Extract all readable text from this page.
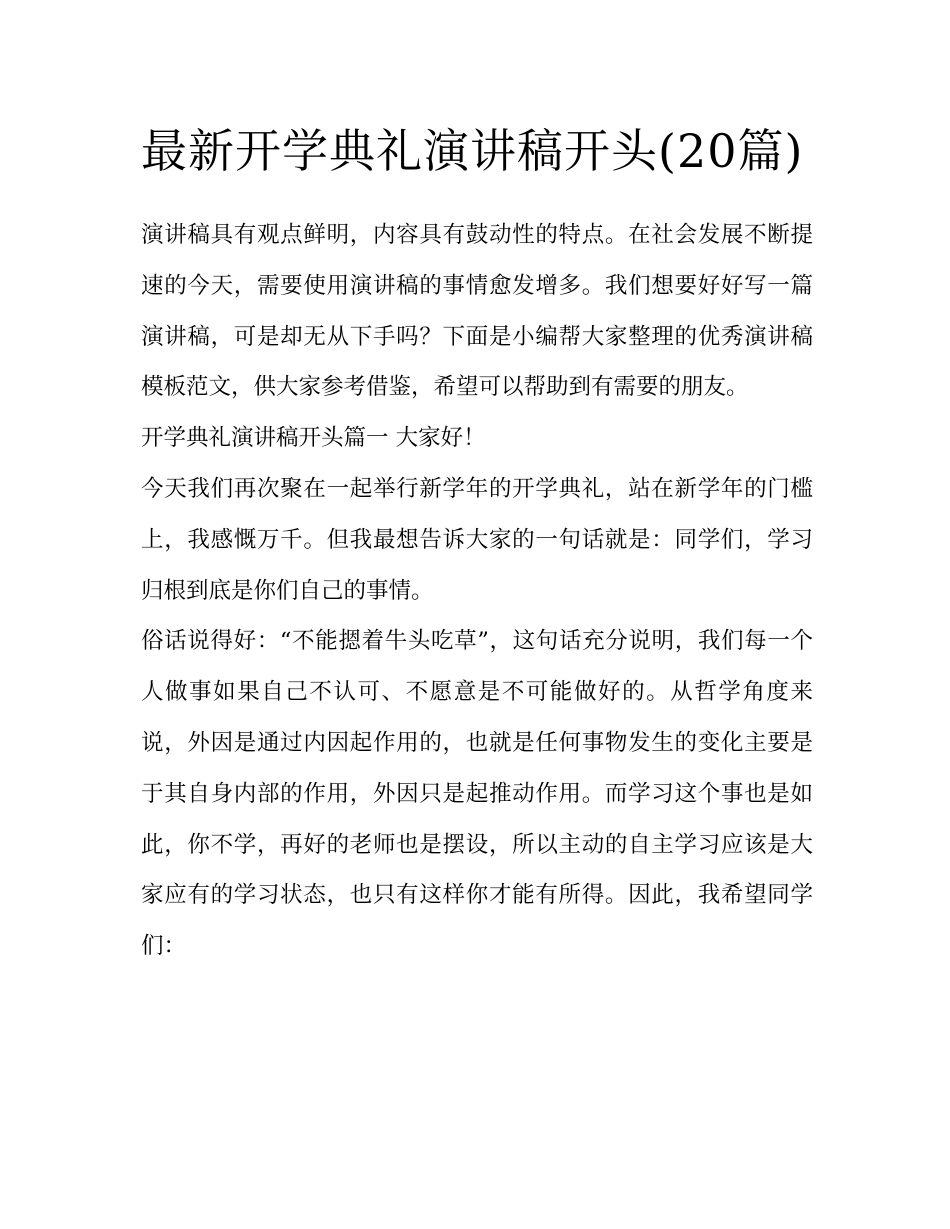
最新开学典礼演讲稿开头(20篇)

演讲稿具有观点鲜明，内容具有鼓动性的特点。在社会发展不断提速的今天，需要使用演讲稿的事情愈发增多。我们想要好好写一篇演讲稿，可是却无从下手吗？下面是小编帮大家整理的优秀演讲稿模板范文，供大家参考借鉴，希望可以帮助到有需要的朋友。

开学典礼演讲稿开头篇一 大家好！

今天我们再次聚在一起举行新学年的开学典礼，站在新学年的门槛上，我感慨万千。但我最想告诉大家的一句话就是：同学们，学习归根到底是你们自己的事情。

俗话说得好：“不能摁着牛头吃草”，这句话充分说明，我们每一个人做事如果自己不认可、不愿意是不可能做好的。从哲学角度来说，外因是通过内因起作用的，也就是任何事物发生的变化主要是于其自身内部的作用，外因只是起推动作用。而学习这个事也是如此，你不学，再好的老师也是摆设，所以主动的自主学习应该是大家应有的学习状态，也只有这样你才能有所得。因此，我希望同学们：
